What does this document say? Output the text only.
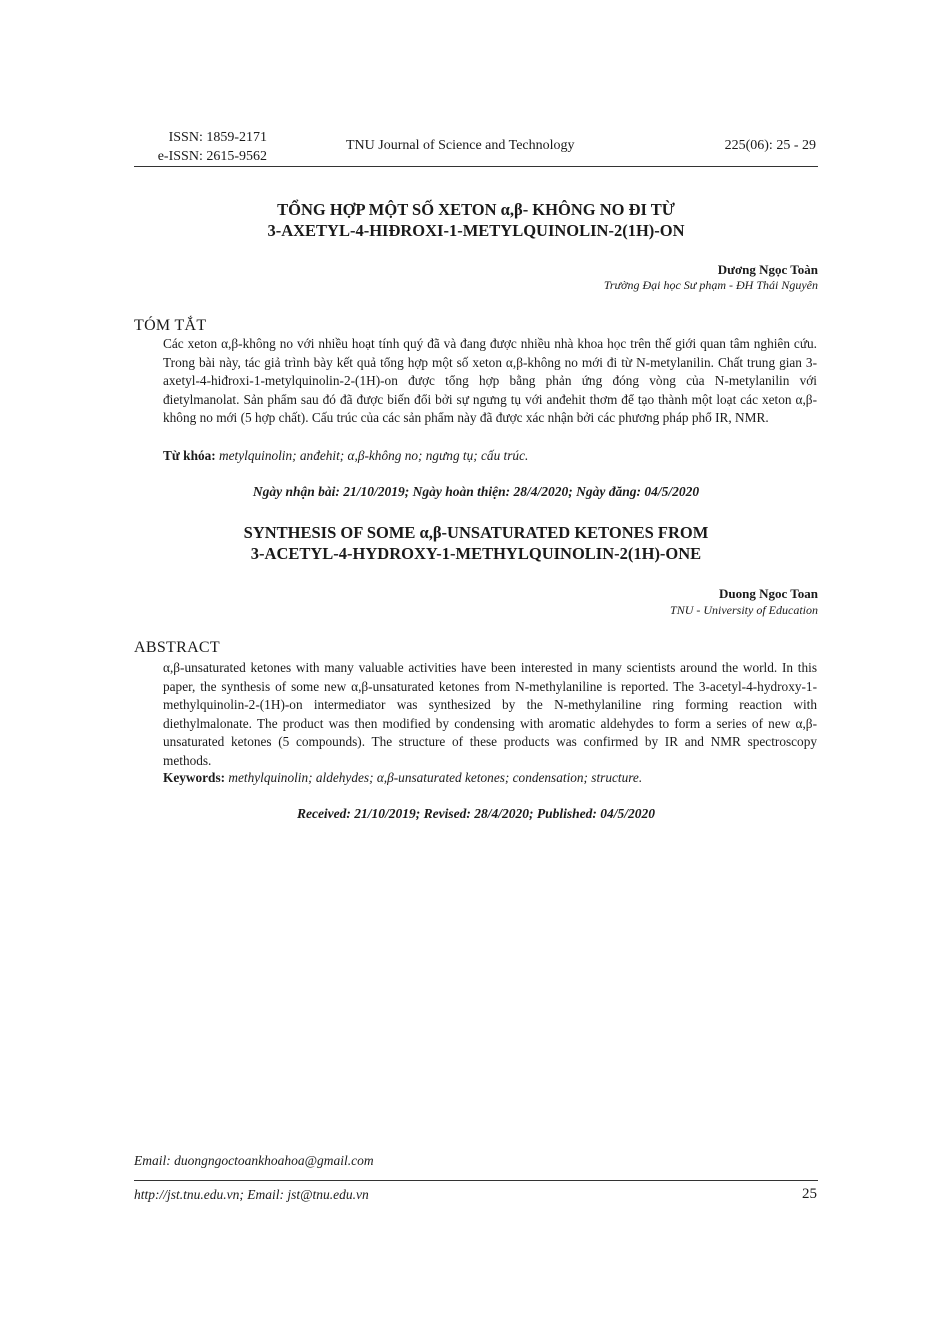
ISSN: 1859-2171
e-ISSN: 2615-9562
TNU Journal of Science and Technology	225(06): 25 - 29
TỔNG HỢP MỘT SỐ XETON α,β- KHÔNG NO ĐI TỪ
3-AXETYL-4-HIĐROXI-1-METYLQUINOLIN-2(1H)-ON
Dương Ngọc Toàn
Trường Đại học Sư phạm - ĐH Thái Nguyên
TÓM TẮT
Các xeton α,β-không no với nhiều hoạt tính quý đã và đang được nhiều nhà khoa học trên thế giới quan tâm nghiên cứu. Trong bài này, tác giả trình bày kết quả tổng hợp một số xeton α,β-không no mới đi từ N-metylanilin. Chất trung gian 3-axetyl-4-hiđroxi-1-metylquinolin-2-(1H)-on được tổng hợp bằng phản ứng đóng vòng của N-metylanilin với đietylmanolat. Sản phẩm sau đó đã được biến đổi bởi sự ngưng tụ với anđehit thơm để tạo thành một loạt các xeton α,β-không no mới (5 hợp chất). Cấu trúc của các sản phẩm này đã được xác nhận bởi các phương pháp phổ IR, NMR.
Từ khóa: metylquinolin; anđehit; α,β-không no; ngưng tụ; cấu trúc.
Ngày nhận bài: 21/10/2019; Ngày hoàn thiện: 28/4/2020; Ngày đăng: 04/5/2020
SYNTHESIS OF SOME α,β-UNSATURATED KETONES FROM
3-ACETYL-4-HYDROXY-1-METHYLQUINOLIN-2(1H)-ONE
Duong Ngoc Toan
TNU - University of Education
ABSTRACT
α,β-unsaturated ketones with many valuable activities have been interested in many scientists around the world. In this paper, the synthesis of some new α,β-unsaturated ketones from N-methylaniline is reported. The 3-acetyl-4-hydroxy-1-methylquinolin-2-(1H)-on intermediator was synthesized by the N-methylaniline ring forming reaction with diethylmalonate. The product was then modified by condensing with aromatic aldehydes to form a series of new α,β-unsaturated ketones (5 compounds). The structure of these products was confirmed by IR and NMR spectroscopy methods.
Keywords: methylquinolin; aldehydes; α,β-unsaturated ketones; condensation; structure.
Received: 21/10/2019; Revised: 28/4/2020; Published: 04/5/2020
Email: duongngoctoankhoahoa@gmail.com
http://jst.tnu.edu.vn; Email: jst@tnu.edu.vn	25
